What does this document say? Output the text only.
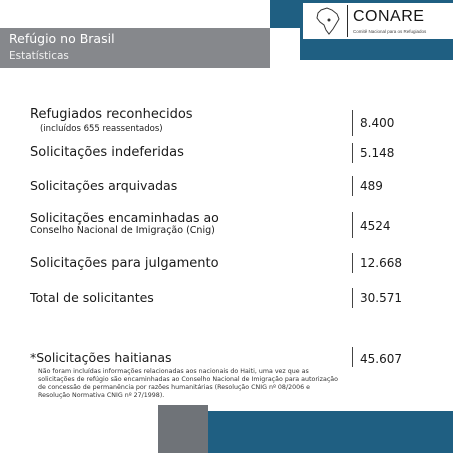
Refúgio no Brasil
Estatísticas
CONARE
Comitê Nacional para os Refugiados
Refugiados reconhecidos
(incluídos 655 reassentados)	8.400
Solicitações indeferidas	5.148
Solicitações arquivadas	489
Solicitações encaminhadas ao
Conselho Nacional de Imigração (Cnig)	4524
Solicitações para julgamento	12.668
Total de solicitantes	30.571
*Solicitações haitianas	45.607
Não foram incluídas informações relacionadas aos nacionais do Haiti, uma vez que as solicitações de refúgio são encaminhadas ao Conselho Nacional de Imigração para autorização de concessão de permanência por razões humanitárias (Resolução CNIG nº 08/2006 e Resolução Normativa CNIG nº 27/1998).
